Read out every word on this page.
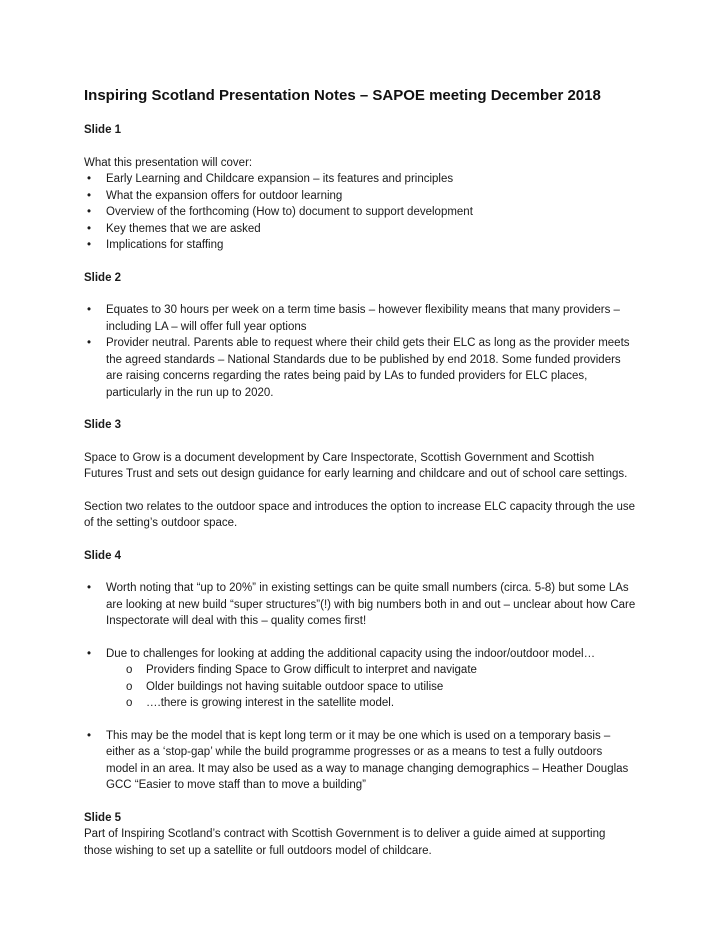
Inspiring Scotland Presentation Notes – SAPOE meeting December 2018
Slide 1

What this presentation will cover:

• Early Learning and Childcare expansion – its features and principles
• What the expansion offers for outdoor learning
• Overview of the forthcoming (How to) document to support development
• Key themes that we are asked
• Implications for staffing
Slide 2
• Equates to 30 hours per week on a term time basis – however flexibility means that many providers – including LA – will offer full year options
• Provider neutral. Parents able to request where their child gets their ELC as long as the provider meets the agreed standards – National Standards due to be published by end 2018. Some funded providers are raising concerns regarding the rates being paid by LAs to funded providers for ELC places, particularly in the run up to 2020.
Slide 3

Space to Grow is a document development by Care Inspectorate, Scottish Government and Scottish Futures Trust and sets out design guidance for early learning and childcare and out of school care settings.

Section two relates to the outdoor space and introduces the option to increase ELC capacity through the use of the setting’s outdoor space.

Slide 4
• Worth noting that “up to 20%” in existing settings can be quite small numbers (circa. 5-8) but some LAs are looking at new build “super structures”(!) with big numbers both in and out – unclear about how Care Inspectorate will deal with this – quality comes first!
• Due to challenges for looking at adding the additional capacity using the indoor/outdoor model…
o Providers finding Space to Grow difficult to interpret and navigate
o Older buildings not having suitable outdoor space to utilise
o ….there is growing interest in the satellite model.
• This may be the model that is kept long term or it may be one which is used on a temporary basis – either as a ‘stop-gap’ while the build programme progresses or as a means to test a fully outdoors model in an area. It may also be used as a way to manage changing demographics – Heather Douglas GCC “Easier to move staff than to move a building”
Slide 5

Part of Inspiring Scotland’s contract with Scottish Government is to deliver a guide aimed at supporting those wishing to set up a satellite or full outdoors model of childcare.
